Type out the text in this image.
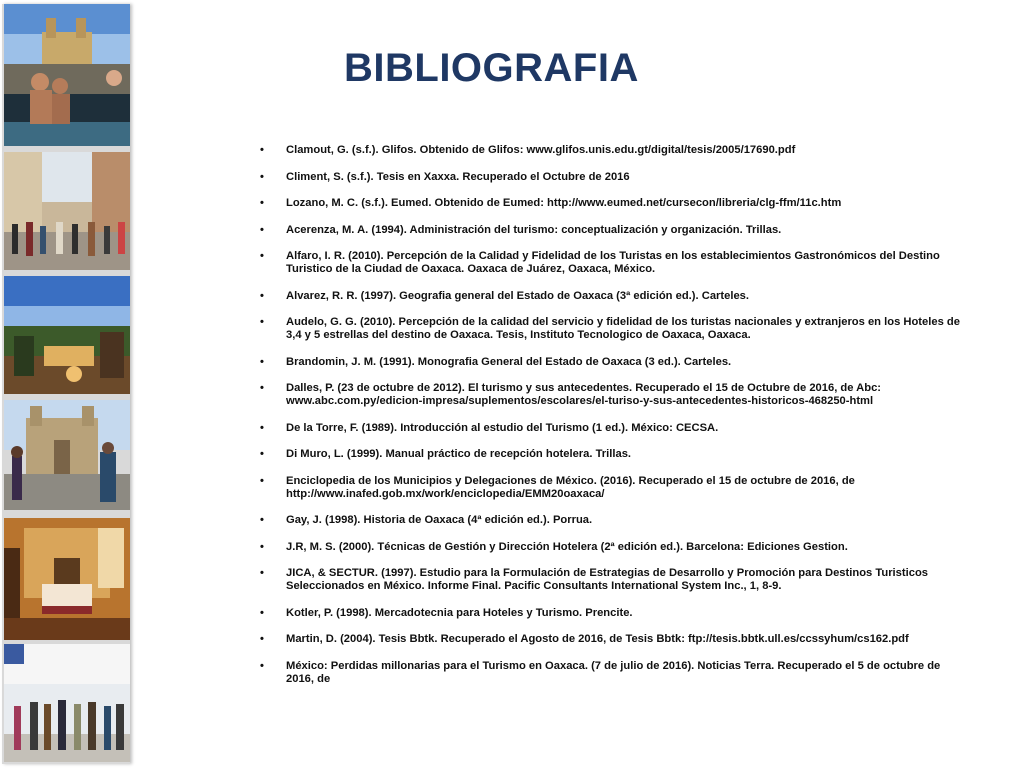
BIBLIOGRAFIA
• Clamout, G. (s.f.). Glifos. Obtenido de Glifos: www.glifos.unis.edu.gt/digital/tesis/2005/17690.pdf
• Climent, S. (s.f.). Tesis en Xaxxa. Recuperado el Octubre de 2016
• Lozano, M. C. (s.f.). Eumed. Obtenido de Eumed: http://www.eumed.net/cursecon/libreria/clg-ffm/11c.htm
• Acerenza, M. A. (1994). Administración del turismo: conceptualización y organización. Trillas.
• Alfaro, I. R. (2010). Percepción de la Calidad y Fidelidad de los Turistas en los establecimientos Gastronómicos del Destino Turistico de la Ciudad de Oaxaca. Oaxaca de Juárez, Oaxaca, México.
• Alvarez, R. R. (1997). Geografia general del Estado de Oaxaca (3ª edición ed.). Carteles.
• Audelo, G. G. (2010). Percepción de la calidad del servicio y fidelidad de los turistas nacionales y extranjeros en los Hoteles de 3,4 y 5 estrellas del destino de Oaxaca. Tesis, Instituto Tecnologico de Oaxaca, Oaxaca.
• Brandomin, J. M. (1991). Monografia General del Estado de Oaxaca (3 ed.). Carteles.
• Dalles, P. (23 de octubre de 2012). El turismo y sus antecedentes. Recuperado el 15 de Octubre de 2016, de Abc: www.abc.com.py/edicion-impresa/suplementos/escolares/el-turiso-y-sus-antecedentes-historicos-468250-html
• De la Torre, F. (1989). Introducción al estudio del Turismo (1 ed.). México: CECSA.
• Di Muro, L. (1999). Manual práctico de recepción hotelera. Trillas.
• Enciclopedia de los Municipios y Delegaciones de México. (2016). Recuperado el 15 de octubre de 2016, de http://www.inafed.gob.mx/work/enciclopedia/EMM20oaxaca/
• Gay, J. (1998). Historia de Oaxaca (4ª edición ed.). Porrua.
• J.R, M. S. (2000). Técnicas de Gestión y Dirección Hotelera (2ª edición ed.). Barcelona: Ediciones Gestion.
• JICA, & SECTUR. (1997). Estudio para la Formulación de Estrategias de Desarrollo y Promoción para Destinos Turisticos Seleccionados en México. Informe Final. Pacific Consultants International System Inc., 1, 8-9.
• Kotler, P. (1998). Mercadotecnia para Hoteles y Turismo. Prencite.
• Martin, D. (2004). Tesis Bbtk. Recuperado el Agosto de 2016, de Tesis Bbtk: ftp://tesis.bbtk.ull.es/ccssyhum/cs162.pdf
• México: Perdidas millonarias para el Turismo en Oaxaca. (7 de julio de 2016). Noticias Terra. Recuperado el 5 de octubre de 2016, de
